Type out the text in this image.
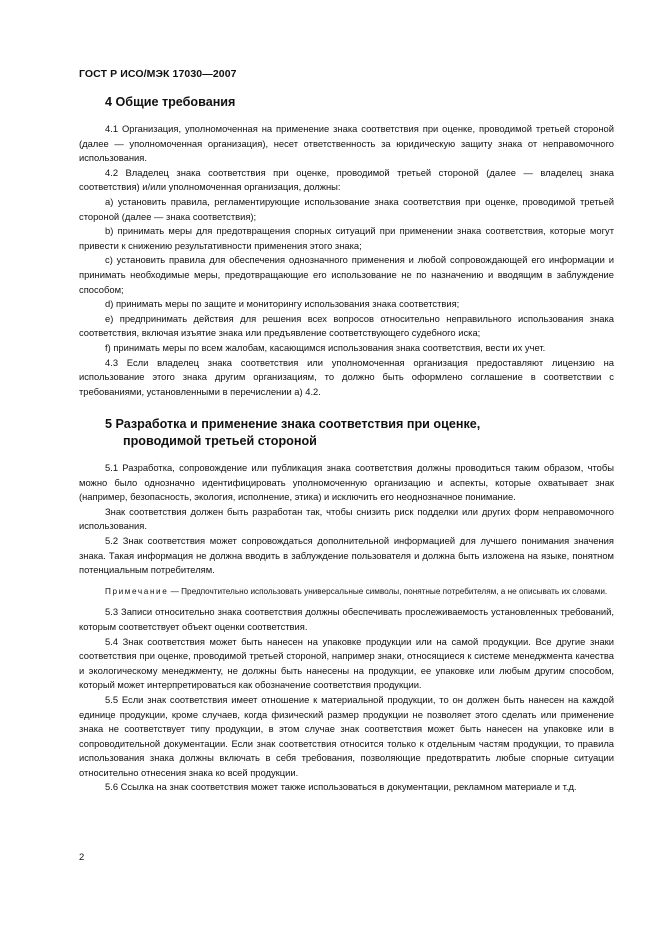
ГОСТ Р ИСО/МЭК 17030—2007
4 Общие требования

4.1 Организация, уполномоченная на применение знака соответствия при оценке, проводимой третьей стороной (далее — уполномоченная организация), несет ответственность за юридическую защиту знака от неправомочного использования.

4.2 Владелец знака соответствия при оценке, проводимой третьей стороной (далее — владелец знака соответствия) и/или уполномоченная организация, должны:

a) установить правила, регламентирующие использование знака соответствия при оценке, проводимой третьей стороной (далее — знака соответствия);

b) принимать меры для предотвращения спорных ситуаций при применении знака соответствия, которые могут привести к снижению результативности применения этого знака;

c) установить правила для обеспечения однозначного применения и любой сопровождающей его информации и принимать необходимые меры, предотвращающие его использование не по назначению и вводящим в заблуждение способом;

d) принимать меры по защите и мониторингу использования знака соответствия;

e) предпринимать действия для решения всех вопросов относительно неправильного использования знака соответствия, включая изъятие знака или предъявление соответствующего судебного иска;

f) принимать меры по всем жалобам, касающимся использования знака соответствия, вести их учет.

4.3 Если владелец знака соответствия или уполномоченная организация предоставляют лицензию на использование этого знака другим организациям, то должно быть оформлено соглашение в соответствии с требованиями, установленными в перечислении а) 4.2.

5 Разработка и применение знака соответствия при оценке,
проводимой третьей стороной

5.1 Разработка, сопровождение или публикация знака соответствия должны проводиться таким образом, чтобы можно было однозначно идентифицировать уполномоченную организацию и аспекты, которые охватывает знак (например, безопасность, экология, исполнение, этика) и исключить его неоднозначное понимание.

Знак соответствия должен быть разработан так, чтобы снизить риск подделки или других форм неправомочного использования.

5.2 Знак соответствия может сопровождаться дополнительной информацией для лучшего понимания значения знака. Такая информация не должна вводить в заблуждение пользователя и должна быть изложена на языке, понятном потенциальным потребителям.

Примечание — Предпочтительно использовать универсальные символы, понятные потребителям, а не описывать их словами.

5.3 Записи относительно знака соответствия должны обеспечивать прослеживаемость установленных требований, которым соответствует объект оценки соответствия.

5.4 Знак соответствия может быть нанесен на упаковке продукции или на самой продукции. Все другие знаки соответствия при оценке, проводимой третьей стороной, например знаки, относящиеся к системе менеджмента качества и экологическому менеджменту, не должны быть нанесены на продукции, ее упаковке или любым другим способом, который может интерпретироваться как обозначение соответствия продукции.

5.5 Если знак соответствия имеет отношение к материальной продукции, то он должен быть нанесен на каждой единице продукции, кроме случаев, когда физический размер продукции не позволяет этого сделать или применение знака не соответствует типу продукции, в этом случае знак соответствия может быть нанесен на упаковке или в сопроводительной документации. Если знак соответствия относится только к отдельным частям продукции, то правила использования знака должны включать в себя требования, позволяющие предотвратить любые спорные ситуации относительно отнесения знака ко всей продукции.

5.6 Ссылка на знак соответствия может также использоваться в документации, рекламном материале и т.д.

2
